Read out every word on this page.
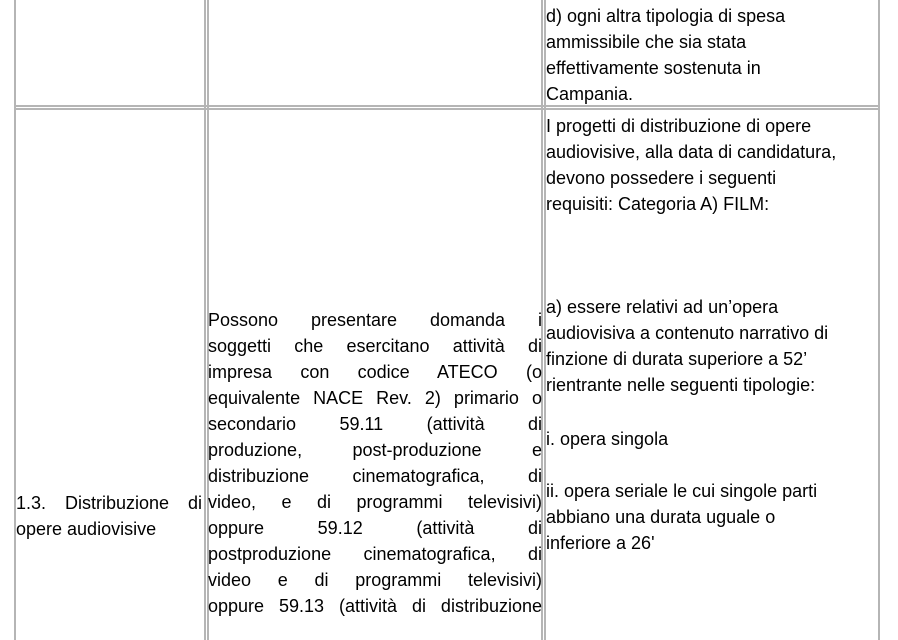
d) ogni altra tipologia di spesa
ammissibile che sia stata
effettivamente sostenuta in
Campania.
1.3. Distribuzione di
opere audiovisive
Possono presentare domanda i
soggetti che esercitano attività di
impresa con codice ATECO (o
equivalente NACE Rev. 2) primario o
secondario 59.11 (attività di
produzione, post-produzione e
distribuzione cinematografica, di
video, e di programmi televisivi)
oppure 59.12 (attività di
postproduzione cinematografica, di
video e di programmi televisivi)
oppure 59.13 (attività di distribuzione
I progetti di distribuzione di opere
audiovisive, alla data di candidatura,
devono possedere i seguenti
requisiti: Categoria A) FILM:
a) essere relativi ad un’opera
audiovisiva a contenuto narrativo di
finzione di durata superiore a 52’
rientrante nelle seguenti tipologie:
i. opera singola
ii. opera seriale le cui singole parti
abbiano una durata uguale o
inferiore a 26'
